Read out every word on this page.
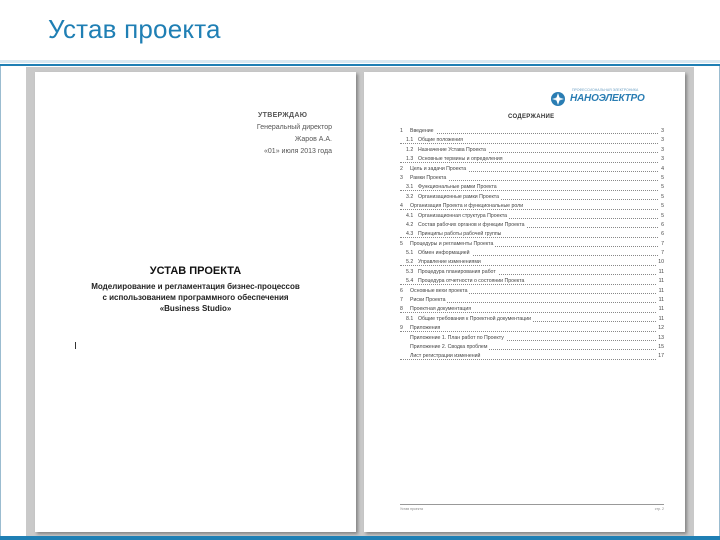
Устав проекта
УТВЕРЖДАЮ
Генеральный директор
Жаров А.А.
«01» июля 2013 года
УСТАВ ПРОЕКТА
Моделирование и регламентация бизнес-процессов
с использованием программного обеспечения
«Business Studio»
ПРОФЕССИОНАЛЬНАЯ ЭЛЕКТРОНИКА
НАНОЭЛЕКТРО
СОДЕРЖАНИЕ
1 Введение	3
1.1 Общие положения	3
1.2 Назначение Устава Проекта	3
1.3 Основные термины и определения	3
2 Цель и задачи Проекта	4
3 Рамки Проекта	5
3.1 Функциональные рамки Проекта	5
3.2 Организационные рамки Проекта	5
4 Организация Проекта и функциональные роли	5
4.1 Организационная структура Проекта	5
4.2 Состав рабочих органов и функции Проекта	6
4.3 Принципы работы рабочей группы	6
5 Процедуры и регламенты Проекта	7
5.1 Обмен информацией	7
5.2 Управление изменениями	10
5.3 Процедура планирования работ	11
5.4 Процедура отчетности о состоянии Проекта	11
6 Основные вехи проекта	11
7 Риски Проекта	11
8 Проектная документация	11
8.1 Общие требования к Проектной документации	11
9 Приложения	12
Приложение 1. План работ по Проекту	13
Приложение 2. Сводка проблем	15
Лист регистрации изменений	17
Устав проекта	стр. 2
